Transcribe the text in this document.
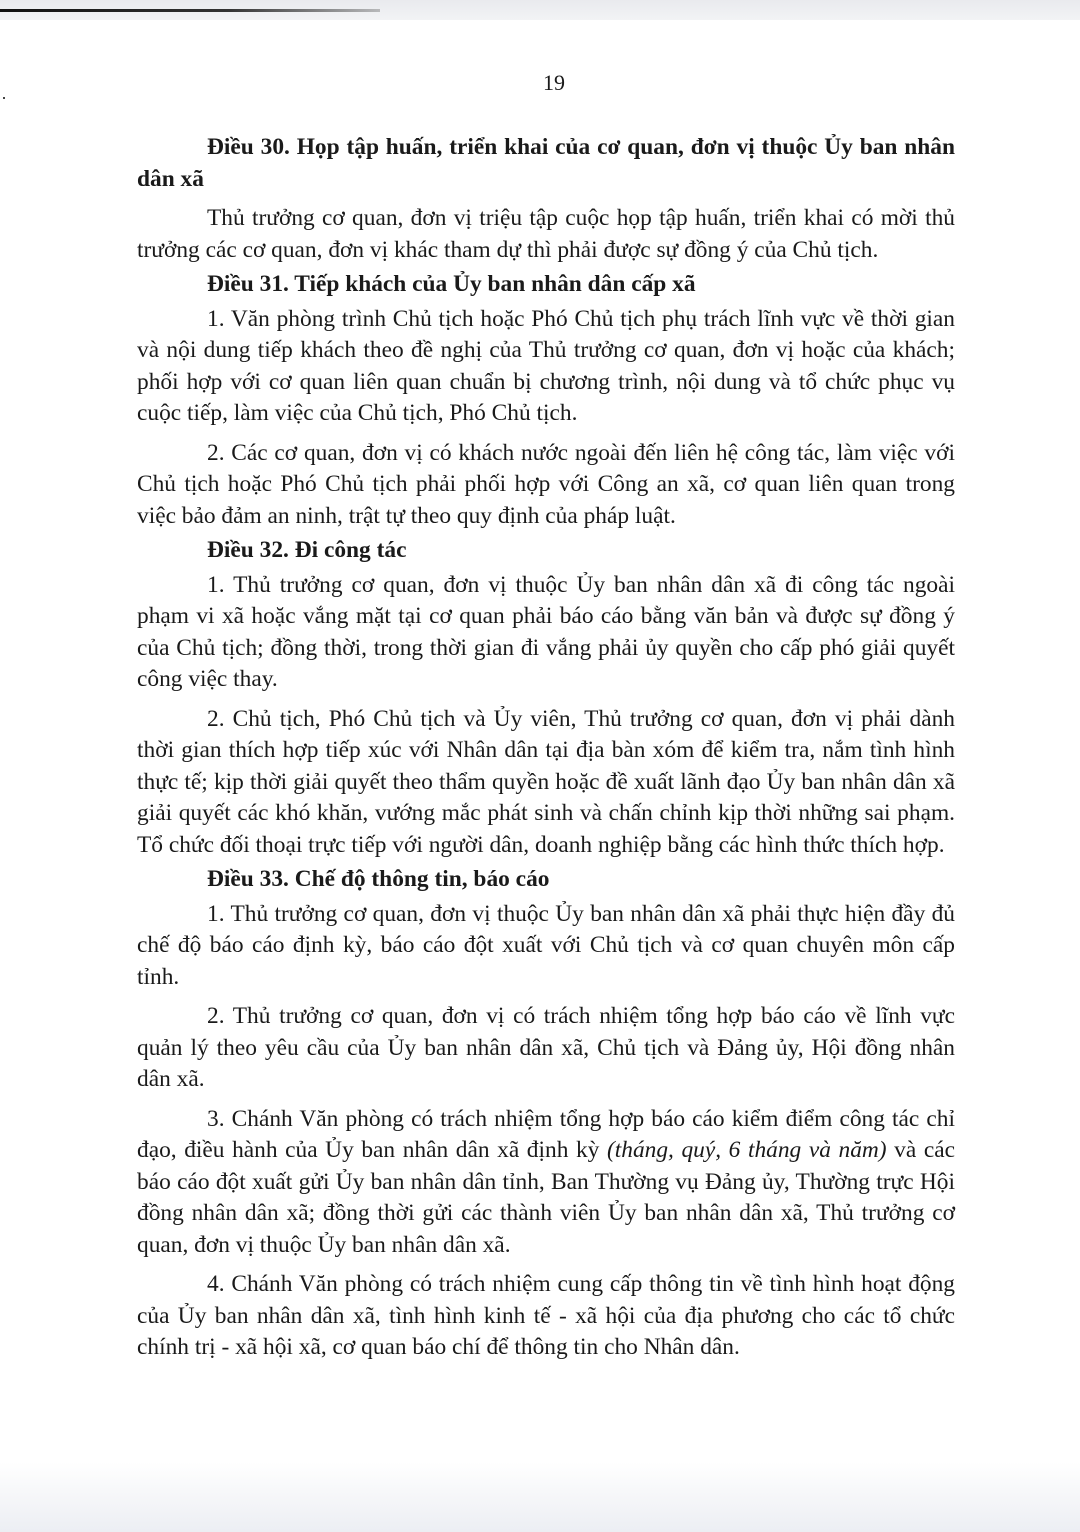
19

Điều 30. Họp tập huấn, triển khai của cơ quan, đơn vị thuộc Ủy ban nhân dân xã

Thủ trưởng cơ quan, đơn vị triệu tập cuộc họp tập huấn, triển khai có mời thủ trưởng các cơ quan, đơn vị khác tham dự thì phải được sự đồng ý của Chủ tịch.

Điều 31. Tiếp khách của Ủy ban nhân dân cấp xã

1. Văn phòng trình Chủ tịch hoặc Phó Chủ tịch phụ trách lĩnh vực về thời gian và nội dung tiếp khách theo đề nghị của Thủ trưởng cơ quan, đơn vị hoặc của khách; phối hợp với cơ quan liên quan chuẩn bị chương trình, nội dung và tổ chức phục vụ cuộc tiếp, làm việc của Chủ tịch, Phó Chủ tịch.

2. Các cơ quan, đơn vị có khách nước ngoài đến liên hệ công tác, làm việc với Chủ tịch hoặc Phó Chủ tịch phải phối hợp với Công an xã, cơ quan liên quan trong việc bảo đảm an ninh, trật tự theo quy định của pháp luật.

Điều 32. Đi công tác

1. Thủ trưởng cơ quan, đơn vị thuộc Ủy ban nhân dân xã đi công tác ngoài phạm vi xã hoặc vắng mặt tại cơ quan phải báo cáo bằng văn bản và được sự đồng ý của Chủ tịch; đồng thời, trong thời gian đi vắng phải ủy quyền cho cấp phó giải quyết công việc thay.

2. Chủ tịch, Phó Chủ tịch và Ủy viên, Thủ trưởng cơ quan, đơn vị phải dành thời gian thích hợp tiếp xúc với Nhân dân tại địa bàn xóm để kiểm tra, nắm tình hình thực tế; kịp thời giải quyết theo thẩm quyền hoặc đề xuất lãnh đạo Ủy ban nhân dân xã giải quyết các khó khăn, vướng mắc phát sinh và chấn chỉnh kịp thời những sai phạm. Tổ chức đối thoại trực tiếp với người dân, doanh nghiệp bằng các hình thức thích hợp.

Điều 33. Chế độ thông tin, báo cáo

1. Thủ trưởng cơ quan, đơn vị thuộc Ủy ban nhân dân xã phải thực hiện đầy đủ chế độ báo cáo định kỳ, báo cáo đột xuất với Chủ tịch và cơ quan chuyên môn cấp tỉnh.

2. Thủ trưởng cơ quan, đơn vị có trách nhiệm tổng hợp báo cáo về lĩnh vực quản lý theo yêu cầu của Ủy ban nhân dân xã, Chủ tịch và Đảng ủy, Hội đồng nhân dân xã.

3. Chánh Văn phòng có trách nhiệm tổng hợp báo cáo kiểm điểm công tác chỉ đạo, điều hành của Ủy ban nhân dân xã định kỳ (tháng, quý, 6 tháng và năm) và các báo cáo đột xuất gửi Ủy ban nhân dân tỉnh, Ban Thường vụ Đảng ủy, Thường trực Hội đồng nhân dân xã; đồng thời gửi các thành viên Ủy ban nhân dân xã, Thủ trưởng cơ quan, đơn vị thuộc Ủy ban nhân dân xã.

4. Chánh Văn phòng có trách nhiệm cung cấp thông tin về tình hình hoạt động của Ủy ban nhân dân xã, tình hình kinh tế - xã hội của địa phương cho các tổ chức chính trị - xã hội xã, cơ quan báo chí để thông tin cho Nhân dân.
